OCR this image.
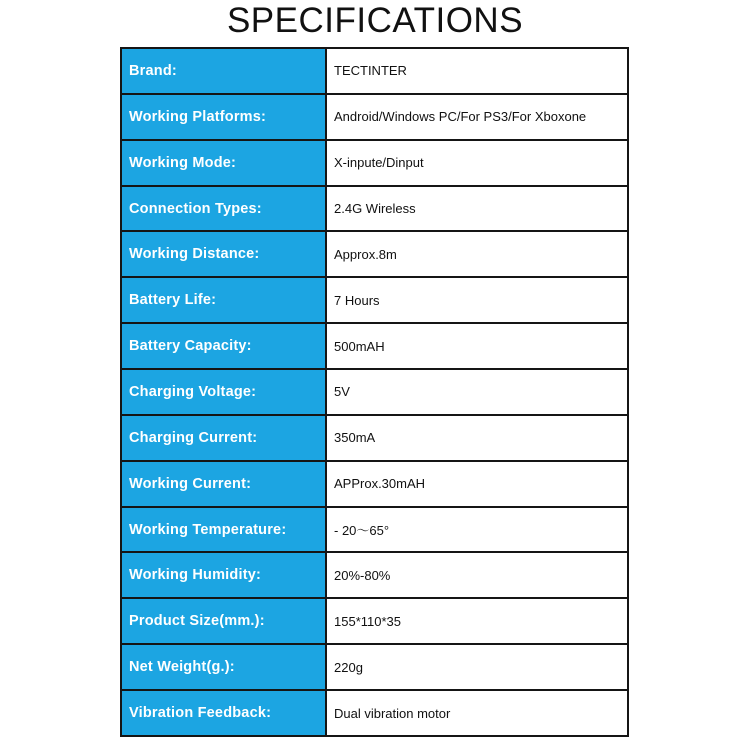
SPECIFICATIONS
Brand:	TECTINTER
Working Platforms:	Android/Windows PC/For PS3/For Xboxone
Working Mode:	X-inpute/Dinput
Connection Types:	2.4G Wireless
Working Distance:	Approx.8m
Battery Life:	7 Hours
Battery Capacity:	500mAH
Charging Voltage:	5V
Charging Current:	350mA
Working Current:	APProx.30mAH
Working Temperature:	- 20～65°
Working Humidity:	20%-80%
Product Size(mm.):	155*110*35
Net Weight(g.):	220g
Vibration Feedback:	Dual vibration motor
